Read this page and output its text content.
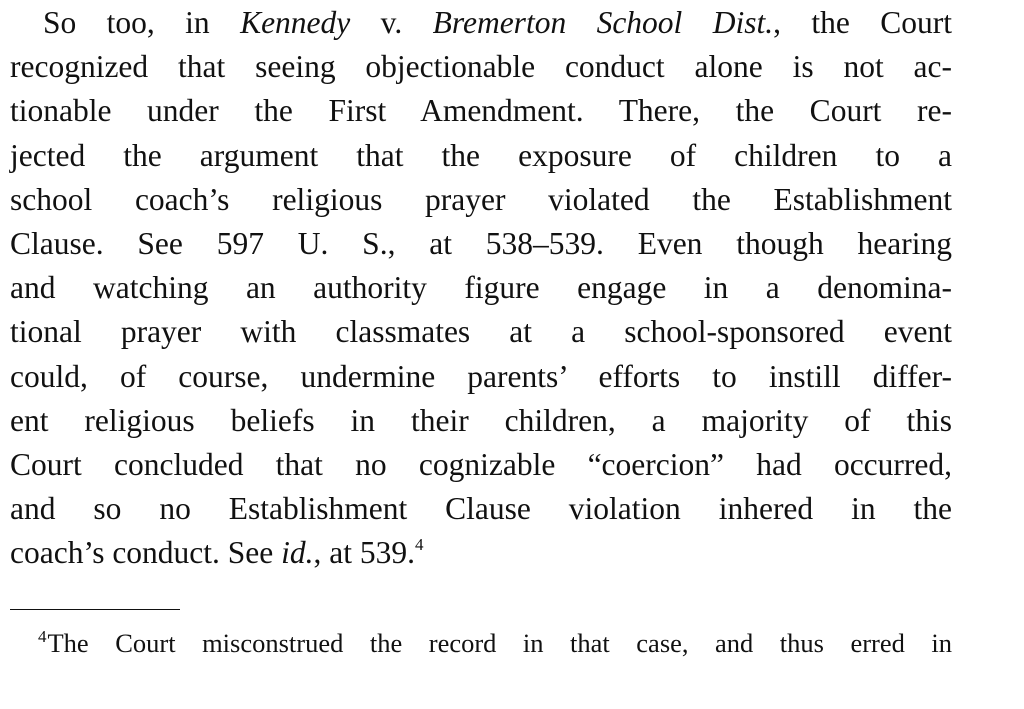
So too, in Kennedy v. Bremerton School Dist., the Court
recognized that seeing objectionable conduct alone is not ac-
tionable under the First Amendment. There, the Court re-
jected the argument that the exposure of children to a
school coach’s religious prayer violated the Establishment
Clause. See 597 U. S., at 538–539. Even though hearing
and watching an authority figure engage in a denomina-
tional prayer with classmates at a school-sponsored event
could, of course, undermine parents’ efforts to instill differ-
ent religious beliefs in their children, a majority of this
Court concluded that no cognizable “coercion” had occurred,
and so no Establishment Clause violation inhered in the
coach’s conduct. See id., at 539.$^4$
$^4$The Court misconstrued the record in that case, and thus erred in
